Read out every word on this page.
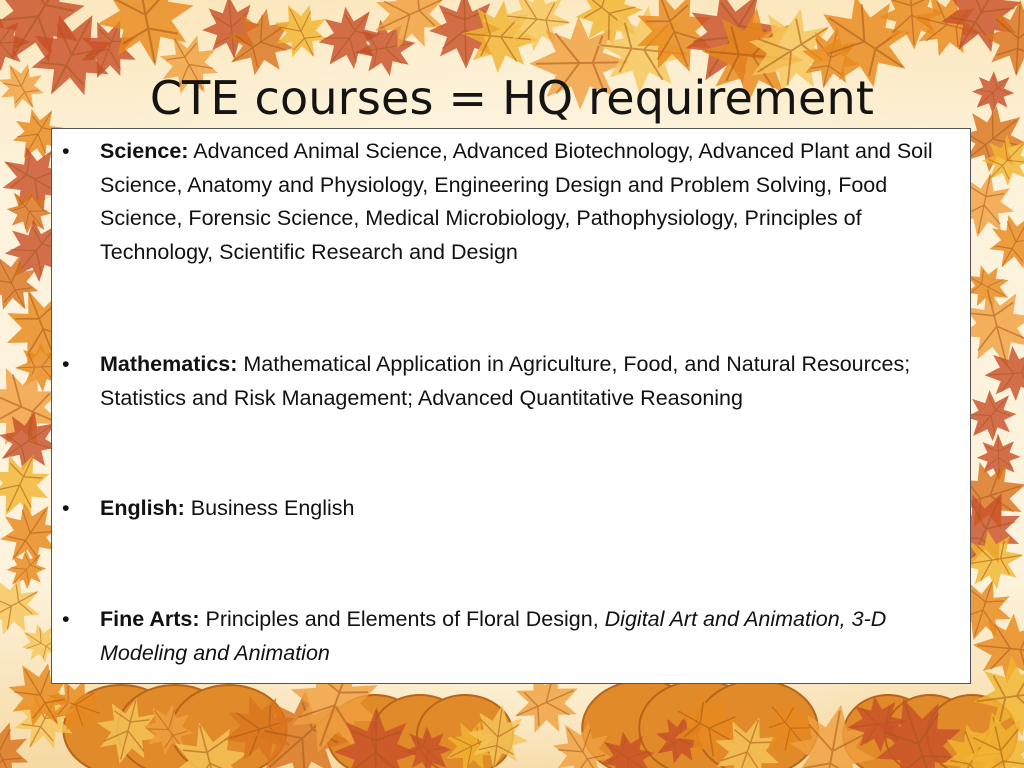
CTE courses = HQ requirement
•	Science: Advanced Animal Science, Advanced Biotechnology, Advanced Plant and Soil Science, Anatomy and Physiology, Engineering Design and Problem Solving, Food Science, Forensic Science, Medical Microbiology, Pathophysiology, Principles of Technology, Scientific Research and Design
•	Mathematics: Mathematical Application in Agriculture, Food, and Natural Resources; Statistics and Risk Management; Advanced Quantitative Reasoning
•	English: Business English
•	Fine Arts: Principles and Elements of Floral Design, Digital Art and Animation, 3-D Modeling and Animation
